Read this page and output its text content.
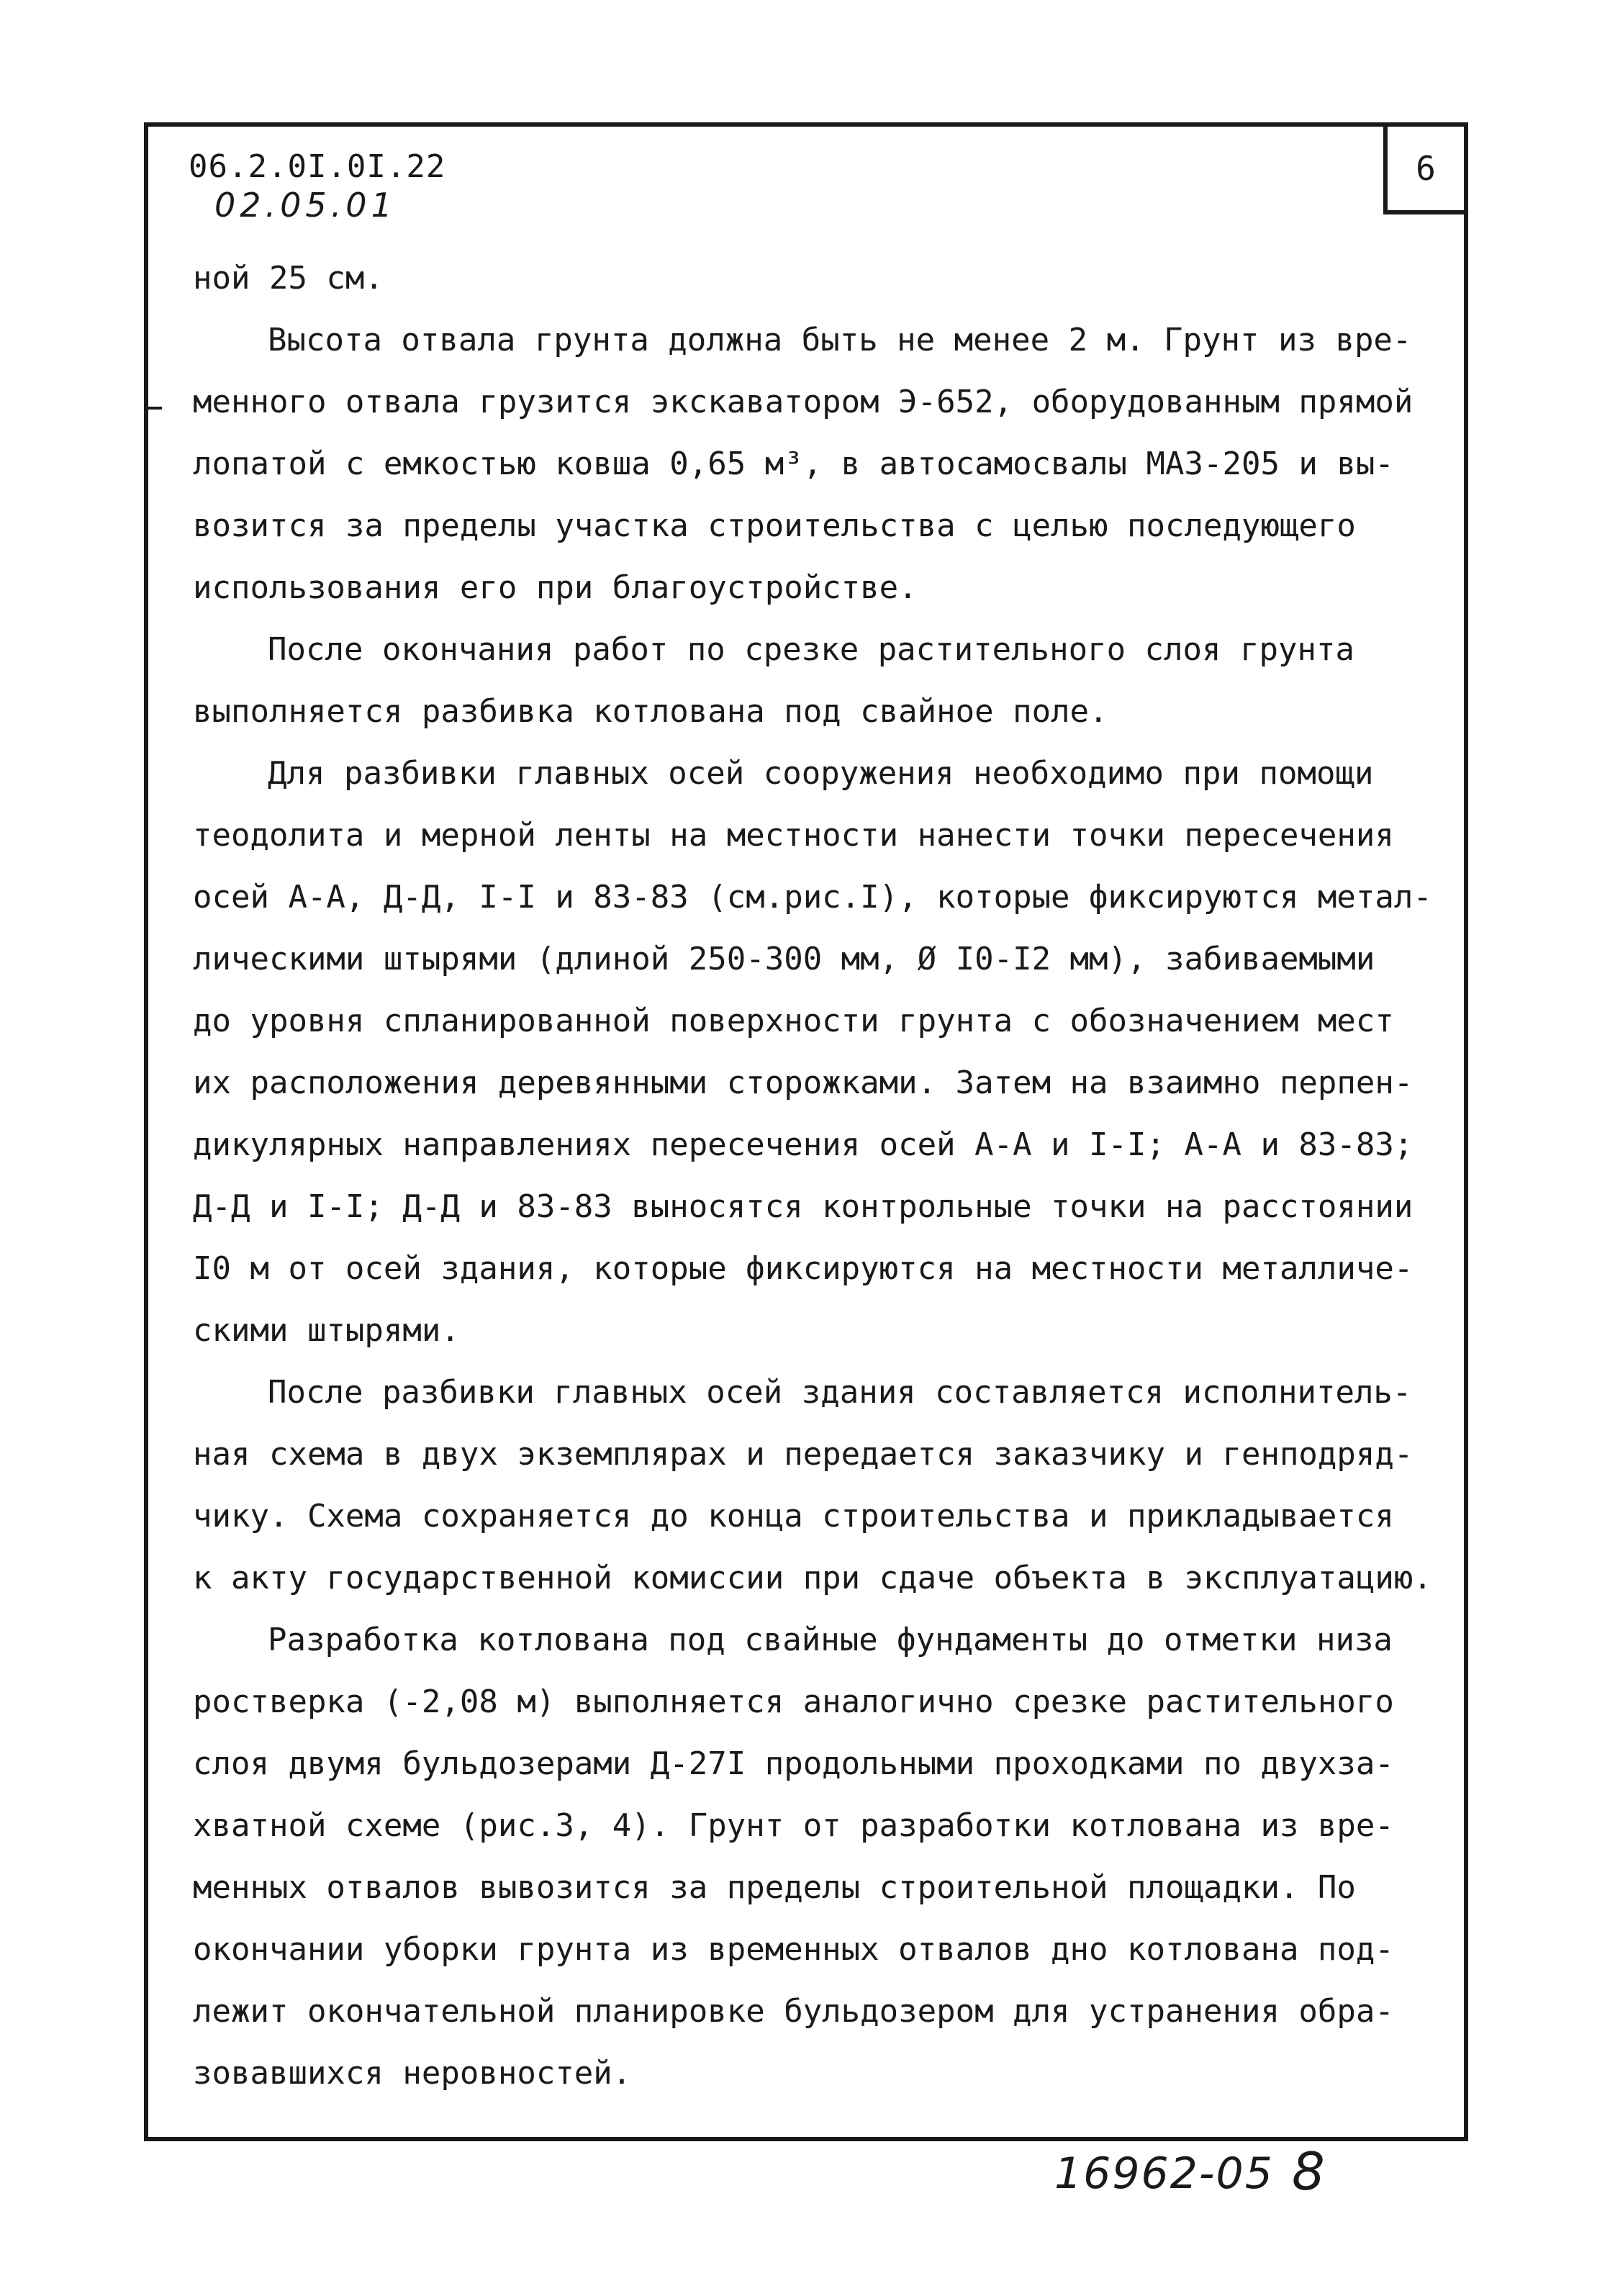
6
06.2.0I.0I.22
02.05.01
ной 25 см.
Высота отвала грунта должна быть не менее 2 м. Грунт из вре-
менного отвала грузится экскаватором Э-652, оборудованным прямой
лопатой с емкостью ковша 0,65 м³, в автосамосвалы МАЗ-205 и вы-
возится за пределы участка строительства с целью последующего
использования его при благоустройстве.
После окончания работ по срезке растительного слоя грунта
выполняется разбивка котлована под свайное поле.
Для разбивки главных осей сооружения необходимо при помощи
теодолита и мерной ленты на местности нанести точки пересечения
осей А-А, Д-Д, I-I и 83-83 (см.рис.I), которые фиксируются метал-
лическими штырями (длиной 250-300 мм, Ø I0-I2 мм), забиваемыми
до уровня спланированной поверхности грунта с обозначением мест
их расположения деревянными сторожками. Затем на взаимно перпен-
дикулярных направлениях пересечения осей А-А и I-I; А-А и 83-83;
Д-Д и I-I; Д-Д и 83-83 выносятся контрольные точки на расстоянии
I0 м от осей здания, которые фиксируются на местности металличе-
скими штырями.
После разбивки главных осей здания составляется исполнитель-
ная схема в двух экземплярах и передается заказчику и генподряд-
чику. Схема сохраняется до конца строительства и прикладывается
к акту государственной комиссии при сдаче объекта в эксплуатацию.
Разработка котлована под свайные фундаменты до отметки низа
ростверка (-2,08 м) выполняется аналогично срезке растительного
слоя двумя бульдозерами Д-27I продольными проходками по двухза-
хватной схеме (рис.3, 4). Грунт от разработки котлована из вре-
менных отвалов вывозится за пределы строительной площадки. По
окончании уборки грунта из временных отвалов дно котлована под-
лежит окончательной планировке бульдозером для устранения обра-
зовавшихся неровностей.
16962-05 8
